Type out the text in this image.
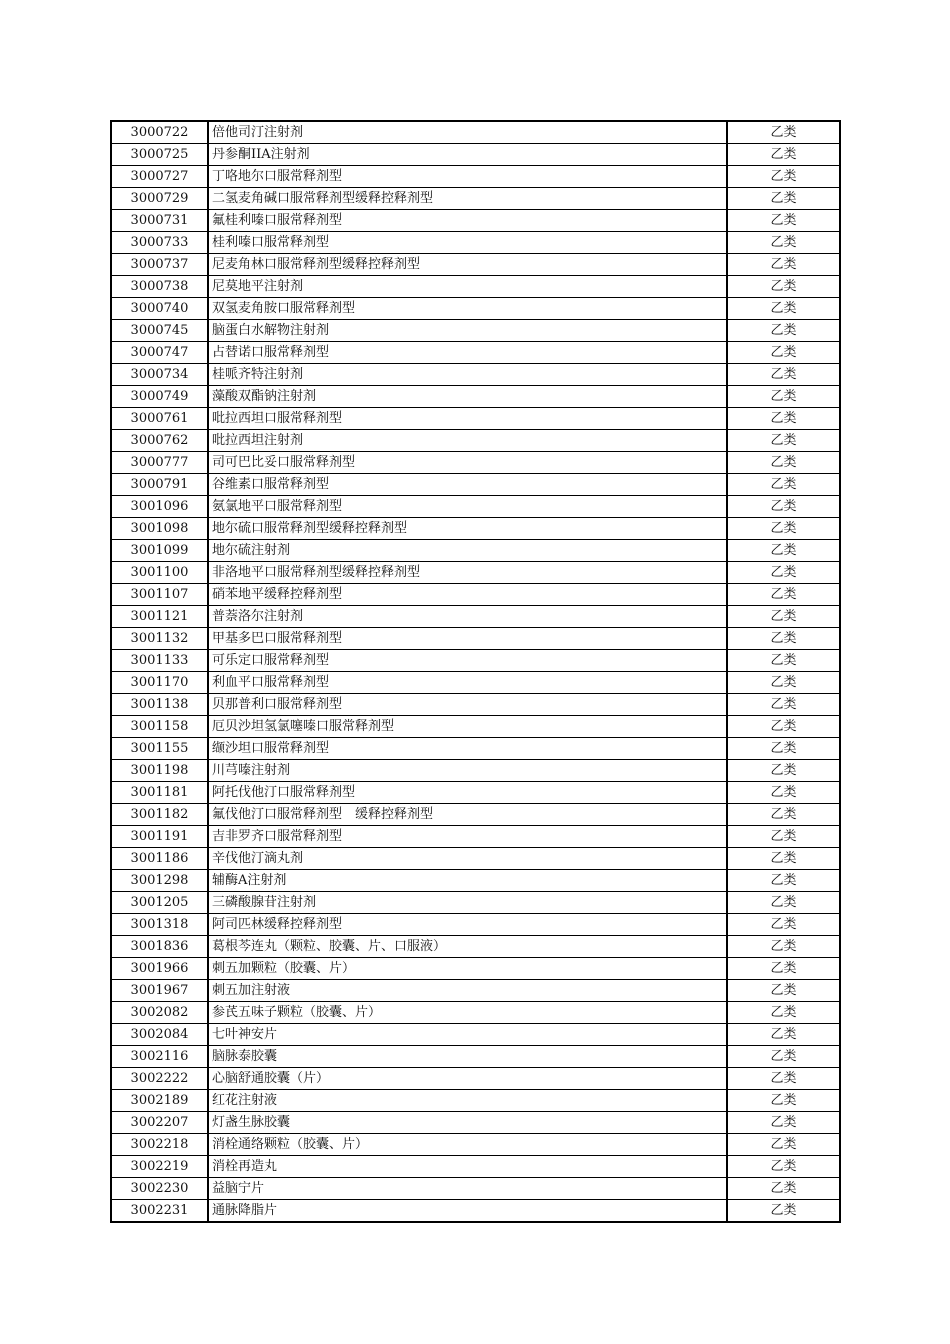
3000722	倍他司汀注射剂	乙类
3000725	丹参酮IIA注射剂	乙类
3000727	丁咯地尔口服常释剂型	乙类
3000729	二氢麦角碱口服常释剂型缓释控释剂型	乙类
3000731	氟桂利嗪口服常释剂型	乙类
3000733	桂利嗪口服常释剂型	乙类
3000737	尼麦角林口服常释剂型缓释控释剂型	乙类
3000738	尼莫地平注射剂	乙类
3000740	双氢麦角胺口服常释剂型	乙类
3000745	脑蛋白水解物注射剂	乙类
3000747	占替诺口服常释剂型	乙类
3000734	桂哌齐特注射剂	乙类
3000749	藻酸双酯钠注射剂	乙类
3000761	吡拉西坦口服常释剂型	乙类
3000762	吡拉西坦注射剂	乙类
3000777	司可巴比妥口服常释剂型	乙类
3000791	谷维素口服常释剂型	乙类
3001096	氨氯地平口服常释剂型	乙类
3001098	地尔硫口服常释剂型缓释控释剂型	乙类
3001099	地尔硫注射剂	乙类
3001100	非洛地平口服常释剂型缓释控释剂型	乙类
3001107	硝苯地平缓释控释剂型	乙类
3001121	普萘洛尔注射剂	乙类
3001132	甲基多巴口服常释剂型	乙类
3001133	可乐定口服常释剂型	乙类
3001170	利血平口服常释剂型	乙类
3001138	贝那普利口服常释剂型	乙类
3001158	厄贝沙坦氢氯噻嗪口服常释剂型	乙类
3001155	缬沙坦口服常释剂型	乙类
3001198	川芎嗪注射剂	乙类
3001181	阿托伐他汀口服常释剂型	乙类
3001182	氟伐他汀口服常释剂型　缓释控释剂型	乙类
3001191	吉非罗齐口服常释剂型	乙类
3001186	辛伐他汀滴丸剂	乙类
3001298	辅酶A注射剂	乙类
3001205	三磷酸腺苷注射剂	乙类
3001318	阿司匹林缓释控释剂型	乙类
3001836	葛根芩连丸（颗粒、胶囊、片、口服液）	乙类
3001966	刺五加颗粒（胶囊、片）	乙类
3001967	刺五加注射液	乙类
3002082	参芪五味子颗粒（胶囊、片）	乙类
3002084	七叶神安片	乙类
3002116	脑脉泰胶囊	乙类
3002222	心脑舒通胶囊（片）	乙类
3002189	红花注射液	乙类
3002207	灯盏生脉胶囊	乙类
3002218	消栓通络颗粒（胶囊、片）	乙类
3002219	消栓再造丸	乙类
3002230	益脑宁片	乙类
3002231	通脉降脂片	乙类
